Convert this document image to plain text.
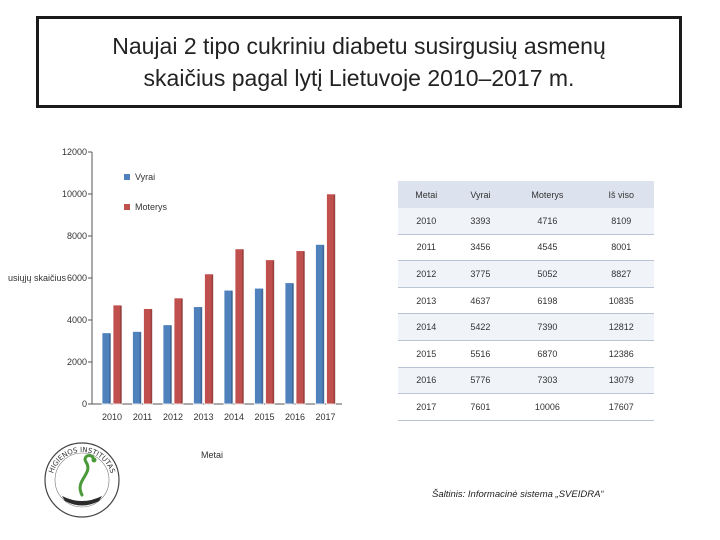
Naujai 2 tipo cukriniu diabetu susirgusių asmenų
skaičius pagal lytį Lietuvoje 2010–2017 m.
0
2000
4000
6000
8000
10000
12000
2010 2011 2012 2013 2014 2015 2016 2017
Vyrai
Moterys
usiųjų skaičius
Metai
Metai	Vyrai	Moterys	Iš viso
2010	3393	4716	8109
2011	3456	4545	8001
2012	3775	5052	8827
2013	4637	6198	10835
2014	5422	7390	12812
2015	5516	6870	12386
2016	5776	7303	13079
2017	7601	10006	17607
HIGIENOS INSTITUTAS
Šaltinis: Informacinė sistema „SVEIDRA“
